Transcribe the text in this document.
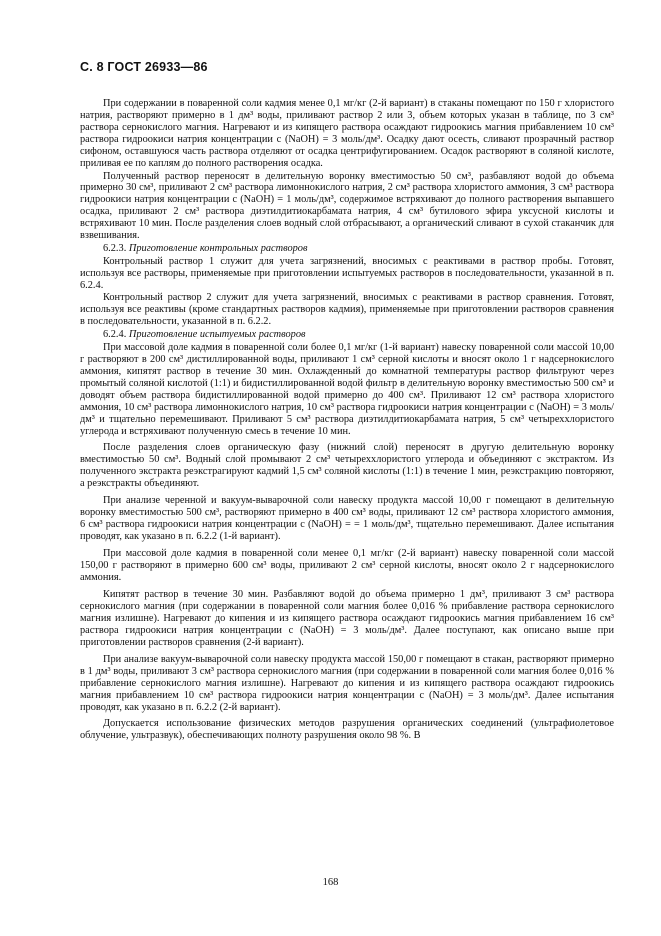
С. 8 ГОСТ 26933—86

При содержании в поваренной соли кадмия менее 0,1 мг/кг (2-й вариант) в стаканы помещают по 150 г хлористого натрия, растворяют примерно в 1 дм³ воды, приливают раствор 2 или 3, объем которых указан в таблице, по 3 см³ раствора сернокислого магния. Нагревают и из кипящего раствора осаждают гидроокись магния прибавлением 10 см³ раствора гидроокиси натрия концентрации c (NaOH) = 3 моль/дм³. Осадку дают осесть, сливают прозрачный раствор сифоном, оставшуюся часть раствора отделяют от осадка центрифугированием. Осадок растворяют в соляной кислоте, приливая ее по каплям до полного растворения осадка.

Полученный раствор переносят в делительную воронку вместимостью 50 см³, разбавляют водой до объема примерно 30 см³, приливают 2 см³ раствора лимоннокислого натрия, 2 см³ раствора хлористого аммония, 3 см³ раствора гидроокиси натрия концентрации c (NaOH) = 1 моль/дм³, содержимое встряхивают до полного растворения выпавшего осадка, приливают 2 см³ раствора диэтилдитиокарбамата натрия, 4 см³ бутилового эфира уксусной кислоты и встряхивают 10 мин. После разделения слоев водный слой отбрасывают, а органический сливают в сухой стаканчик для взвешивания.

6.2.3. Приготовление контрольных растворов

Контрольный раствор 1 служит для учета загрязнений, вносимых с реактивами в раствор пробы. Готовят, используя все растворы, применяемые при приготовлении испытуемых растворов в последовательности, указанной в п. 6.2.4.

Контрольный раствор 2 служит для учета загрязнений, вносимых с реактивами в раствор сравнения. Готовят, используя все реактивы (кроме стандартных растворов кадмия), применяемые при приготовлении растворов сравнения в последовательности, указанной в п. 6.2.2.

6.2.4. Приготовление испытуемых растворов

При массовой доле кадмия в поваренной соли более 0,1 мг/кг (1-й вариант) навеску поваренной соли массой 10,00 г растворяют в 200 см³ дистиллированной воды, приливают 1 см³ серной кислоты и вносят около 1 г надсернокислого аммония, кипятят раствор в течение 30 мин. Охлажденный до комнатной температуры раствор фильтруют через промытый соляной кислотой (1:1) и бидистиллированной водой фильтр в делительную воронку вместимостью 500 см³ и доводят объем раствора бидистиллированной водой примерно до 400 см³. Приливают 12 см³ раствора хлористого аммония, 10 см³ раствора лимоннокислого натрия, 10 см³ раствора гидроокиси натрия концентрации c (NaOH) = 3 моль/дм³ и тщательно перемешивают. Приливают 5 см³ раствора диэтилдитиокарбамата натрия, 5 см³ четыреххлористого углерода и встряхивают полученную смесь в течение 10 мин.

После разделения слоев органическую фазу (нижний слой) переносят в другую делительную воронку вместимостью 50 см³. Водный слой промывают 2 см³ четыреххлористого углерода и объединяют с экстрактом. Из полученного экстракта реэкстрагируют кадмий 1,5 см³ соляной кислоты (1:1) в течение 1 мин, реэкстракцию повторяют, а реэкстракты объединяют.

При анализе черенной и вакуум-выварочной соли навеску продукта массой 10,00 г помещают в делительную воронку вместимостью 500 см³, растворяют примерно в 400 см³ воды, приливают 12 см³ раствора хлористого аммония, 6 см³ раствора гидроокиси натрия концентрации c (NaOH) = = 1 моль/дм³, тщательно перемешивают. Далее испытания проводят, как указано в п. 6.2.2 (1-й вариант).

При массовой доле кадмия в поваренной соли менее 0,1 мг/кг (2-й вариант) навеску поваренной соли массой 150,00 г растворяют в примерно 600 см³ воды, приливают 2 см³ серной кислоты, вносят около 2 г надсернокислого аммония.

Кипятят раствор в течение 30 мин. Разбавляют водой до объема примерно 1 дм³, приливают 3 см³ раствора сернокислого магния (при содержании в поваренной соли магния более 0,016 % прибавление раствора сернокислого магния излишне). Нагревают до кипения и из кипящего раствора осаждают гидроокись магния прибавлением 16 см³ раствора гидроокиси натрия концентрации c (NaOH) = 3 моль/дм³. Далее поступают, как описано выше при приготовлении растворов сравнения (2-й вариант).

При анализе вакуум-выварочной соли навеску продукта массой 150,00 г помещают в стакан, растворяют примерно в 1 дм³ воды, приливают 3 см³ раствора сернокислого магния (при содержании в поваренной соли магния более 0,016 % прибавление сернокислого магния излишне). Нагревают до кипения и из кипящего раствора осаждают гидроокись магния прибавлением 10 см³ раствора гидроокиси натрия концентрации c (NaOH) = 3 моль/дм³. Далее испытания проводят, как указано в п. 6.2.2 (2-й вариант).

Допускается использование физических методов разрушения органических соединений (ультрафиолетовое облучение, ультразвук), обеспечивающих полноту разрушения около 98 %. В

168
